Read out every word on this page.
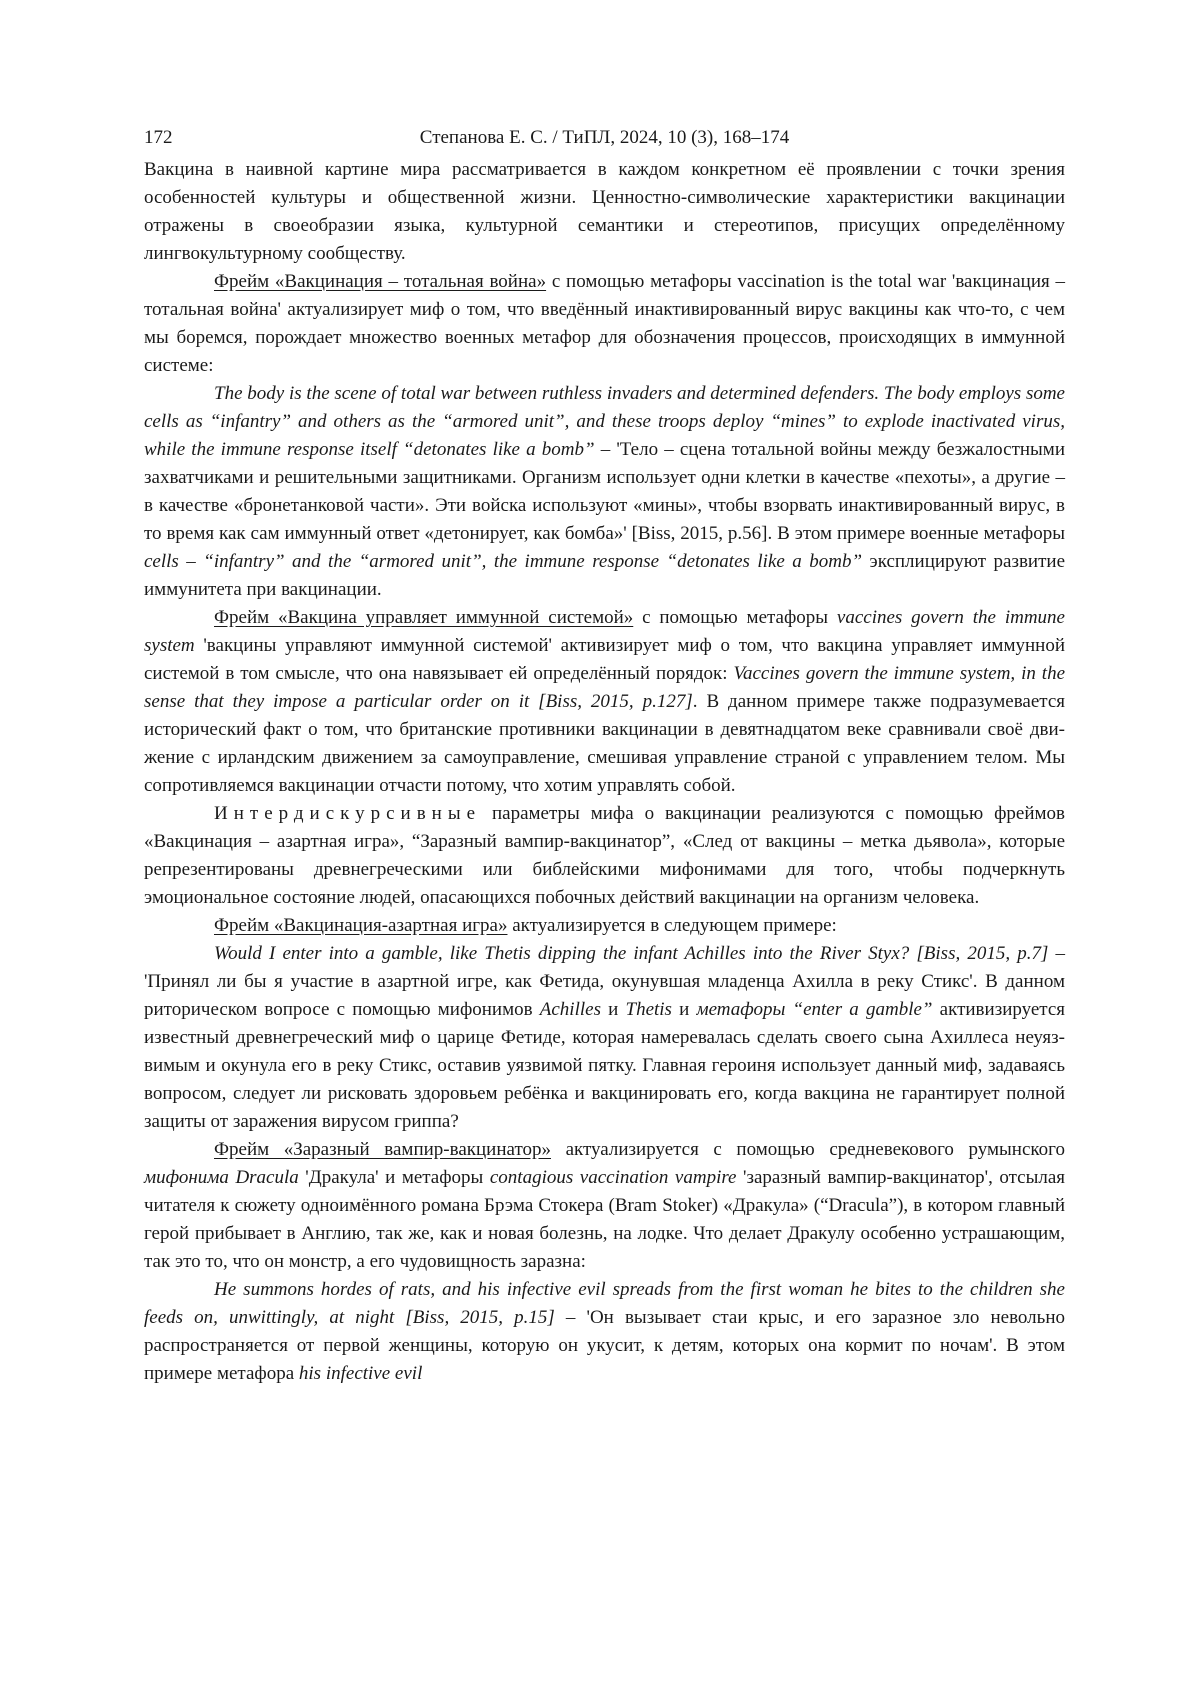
172	Степанова Е. С. / ТиПЛ, 2024, 10 (3), 168–174

Вакцина в наивной картине мира рассматривается в каждом конкретном её проявлении с точки зрения особенностей культуры и общественной жизни. Ценностно-символические характеристики вакцинации отражены в своеобразии языка, культурной семантики и стереотипов, присущих определённому лингвокультурному сообществу.

Фрейм «Вакцинация – тотальная война» с помощью метафоры vaccination is the total war 'вакцинация – тотальная война' актуализирует миф о том, что введённый инактивированный вирус вакцины как что-то, с чем мы боремся, порождает множество военных метафор для обозначения процессов, происходящих в иммунной системе:

The body is the scene of total war between ruthless invaders and determined defenders. The body employs some cells as “infantry” and others as the “armored unit”, and these troops deploy “mines” to explode inactivated virus, while the immune response itself “detonates like a bomb” – 'Тело – сцена тотальной войны между безжалостными захватчиками и решительными защитниками. Организм использует одни клетки в качестве «пехоты», а другие – в качестве «бронетанковой части». Эти войска используют «мины», чтобы взорвать инактивированный вирус, в то время как сам иммунный ответ «детонирует, как бомба»' [Biss, 2015, p.56]. В этом примере военные метафоры cells – “infantry” and the “armored unit”, the immune response “detonates like a bomb” эксплицируют развитие иммунитета при вакцинации.

Фрейм «Вакцина управляет иммунной системой» с помощью метафоры vaccines govern the immune system 'вакцины управляют иммунной системой' активизирует миф о том, что вакцина управляет иммунной системой в том смысле, что она навязывает ей определённый порядок: Vaccines govern the immune system, in the sense that they impose a particular order on it [Biss, 2015, p.127]. В данном примере также подразумевается исторический факт о том, что британские противники вакцинации в девятнадцатом веке сравнивали своё движение с ирландским движением за самоуправление, смешивая управление страной с управлением телом. Мы сопротивляемся вакцинации отчасти потому, что хотим управлять собой.

Интердискурсивные параметры мифа о вакцинации реализуются с помощью фреймов «Вакцинация – азартная игра», “Заразный вампир-вакцинатор”, «След от вакцины – метка дьявола», которые репрезентированы древнегреческими или библейскими мифонимами для того, чтобы подчеркнуть эмоциональное состояние людей, опасающихся побочных действий вакцинации на организм человека.

Фрейм «Вакцинация-азартная игра» актуализируется в следующем примере:

Would I enter into a gamble, like Thetis dipping the infant Achilles into the River Styx? [Biss, 2015, p.7] – 'Принял ли бы я участие в азартной игре, как Фетида, окунувшая младенца Ахилла в реку Стикс'. В данном риторическом вопросе с помощью мифонимов Achilles и Thetis и метафоры “enter a gamble” активизируется известный древнегреческий миф о царице Фетиде, которая намеревалась сделать своего сына Ахиллеса неуязвимым и окунула его в реку Стикс, оставив уязвимой пятку. Главная героиня использует данный миф, задаваясь вопросом, следует ли рисковать здоровьем ребёнка и вакцинировать его, когда вакцина не гарантирует полной защиты от заражения вирусом гриппа?

Фрейм «Заразный вампир-вакцинатор» актуализируется с помощью средневекового румынского мифонима Dracula 'Дракула' и метафоры contagious vaccination vampire 'заразный вампир-вакцинатор', отсылая читателя к сюжету одноимённого романа Брэма Стокера (Bram Stoker) «Дракула» (“Dracula”), в котором главный герой прибывает в Англию, так же, как и новая болезнь, на лодке. Что делает Дракулу особенно устрашающим, так это то, что он монстр, а его чудовищность заразна:

He summons hordes of rats, and his infective evil spreads from the first woman he bites to the children she feeds on, unwittingly, at night [Biss, 2015, p.15] – 'Он вызывает стаи крыс, и его заразное зло невольно распространяется от первой женщины, которую он укусит, к детям, которых она кормит по ночам'. В этом примере метафора his infective evil
